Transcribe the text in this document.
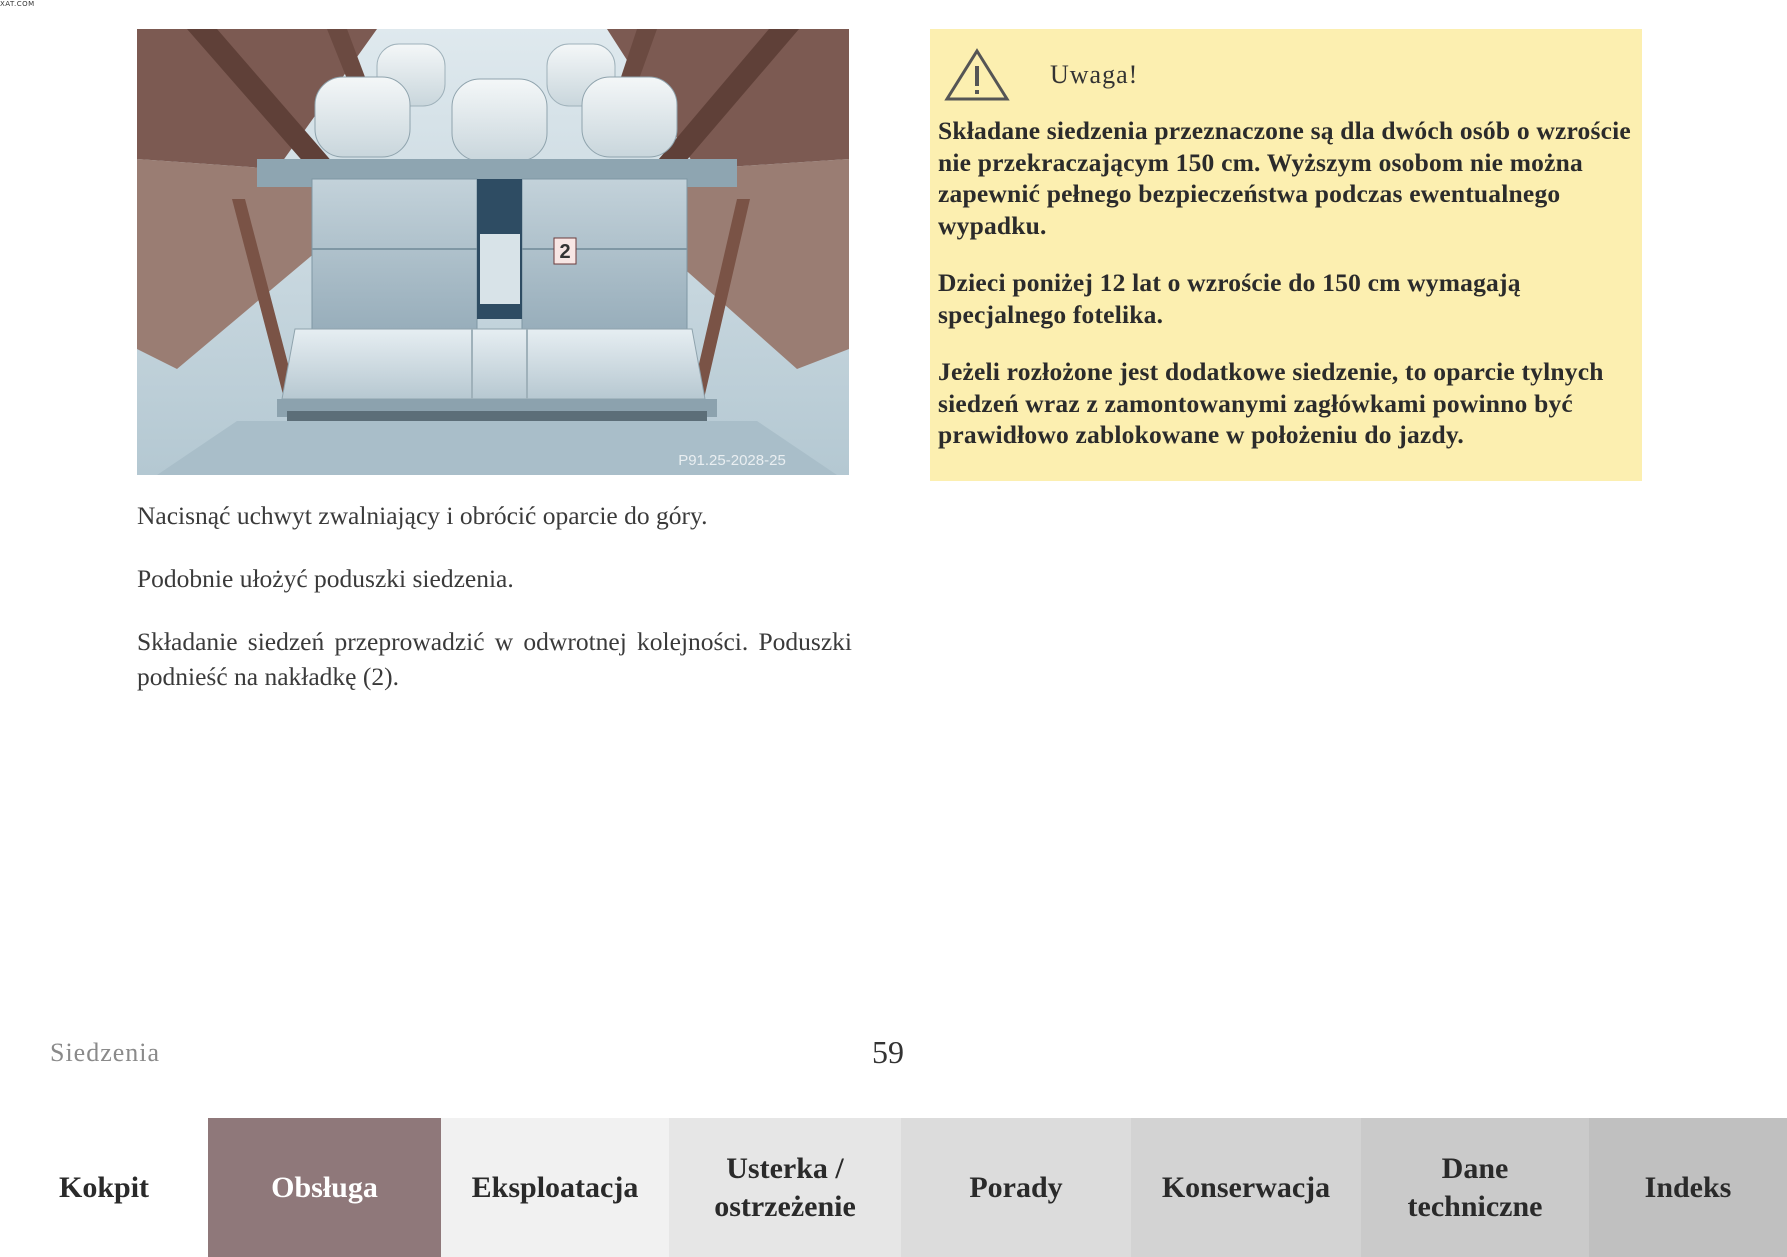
XAT.COM
2
P91.25-2028-25

Nacisnąć uchwyt zwalniający i obrócić oparcie do góry.

Podobnie ułożyć poduszki siedzenia.

Składanie siedzeń przeprowadzić w odwrotnej kolejności. Poduszki podnieść na nakładkę (2).

Uwaga!

Składane siedzenia przeznaczone są dla dwóch osób o wzroście nie przekraczającym 150 cm. Wyższym osobom nie można zapewnić pełnego bezpieczeństwa podczas ewentualnego wypadku.

Dzieci poniżej 12 lat o wzroście do 150 cm wymagają specjalnego fotelika.

Jeżeli rozłożone jest dodatkowe siedzenie, to oparcie tylnych siedzeń wraz z zamontowanymi zagłówkami powinno być prawidłowo zablokowane w położeniu do jazdy.

Siedzenia	59
Kokpit	Obsługa	Eksploatacja
Usterka /
ostrzeżenie
Porady	Konserwacja
Dane
techniczne
Indeks
